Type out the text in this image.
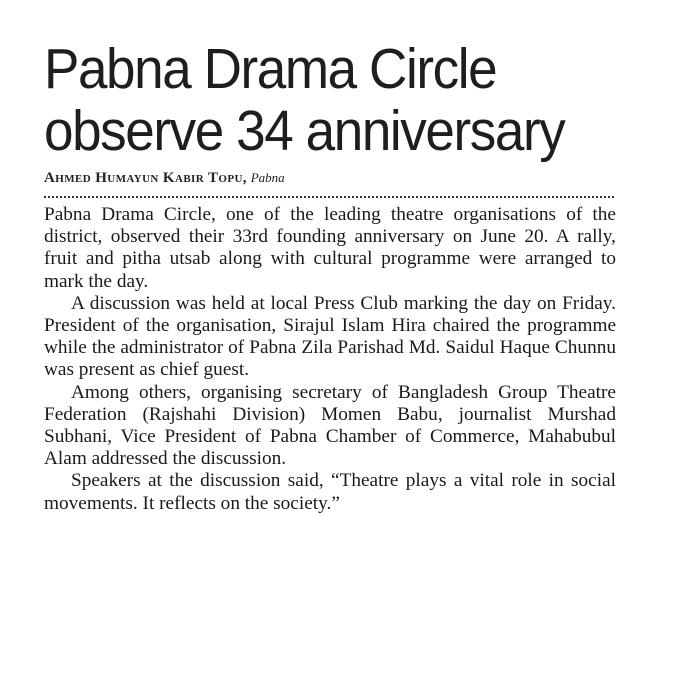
Pabna Drama Circle
observe 34 anniversary
Ahmed Humayun Kabir Topu, Pabna

Pabna Drama Circle, one of the leading theatre organisations of the district, observed their 33rd founding anniversary on June 20. A rally, fruit and pitha utsab along with cultural programme were arranged to mark the day.

A discussion was held at local Press Club marking the day on Friday. President of the organisation, Sirajul Islam Hira chaired the programme while the administrator of Pabna Zila Parishad Md. Saidul Haque Chunnu was present as chief guest.

Among others, organising secretary of Bangladesh Group Theatre Federation (Rajshahi Division) Momen Babu, journalist Murshad Subhani, Vice President of Pabna Chamber of Commerce, Mahabubul Alam addressed the discussion.

Speakers at the discussion said, “Theatre plays a vital role in social movements. It reflects on the society.”
